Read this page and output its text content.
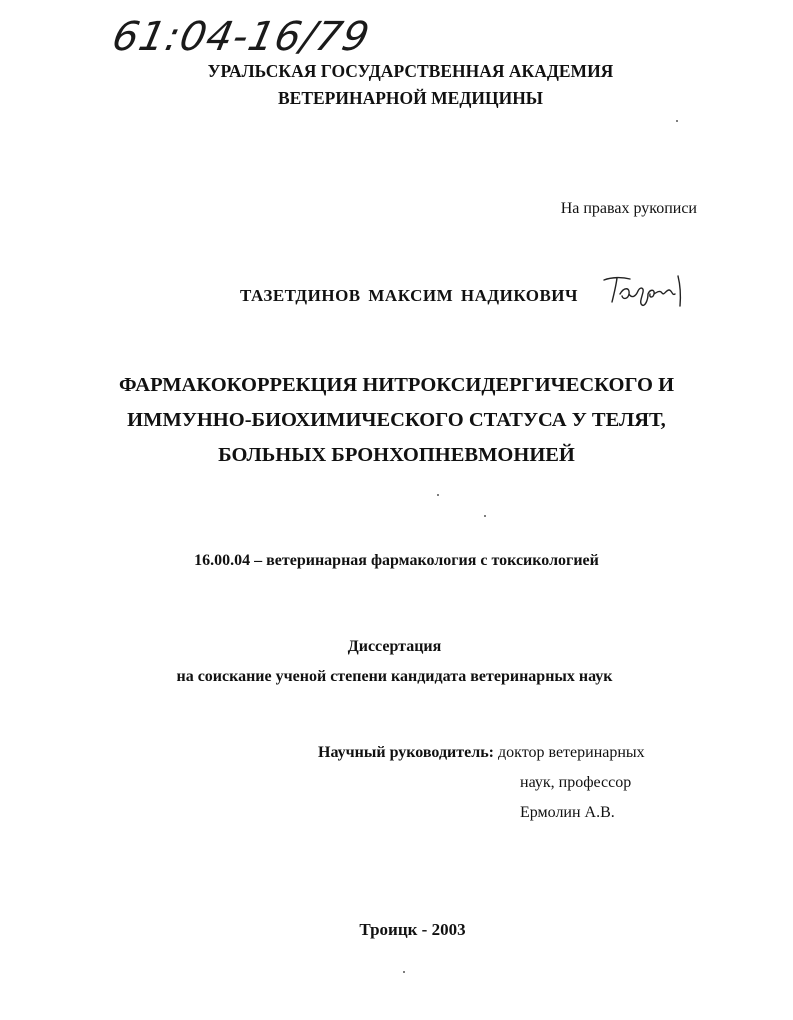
61:04-16/79
УРАЛЬСКАЯ ГОСУДАРСТВЕННАЯ АКАДЕМИЯ
ВЕТЕРИНАРНОЙ МЕДИЦИНЫ
На правах рукописи
ТАЗЕТДИНОВ МАКСИМ НАДИКОВИЧ
ФАРМАКОКОРРЕКЦИЯ НИТРОКСИДЕРГИЧЕСКОГО И
ИММУННО-БИОХИМИЧЕСКОГО СТАТУСА У ТЕЛЯТ,
БОЛЬНЫХ БРОНХОПНЕВМОНИЕЙ
16.00.04 – ветеринарная фармакология с токсикологией
Диссертация
на соискание ученой степени кандидата ветеринарных наук
Научный руководитель: доктор ветеринарных
наук, профессор
Ермолин А.В.
Троицк - 2003
